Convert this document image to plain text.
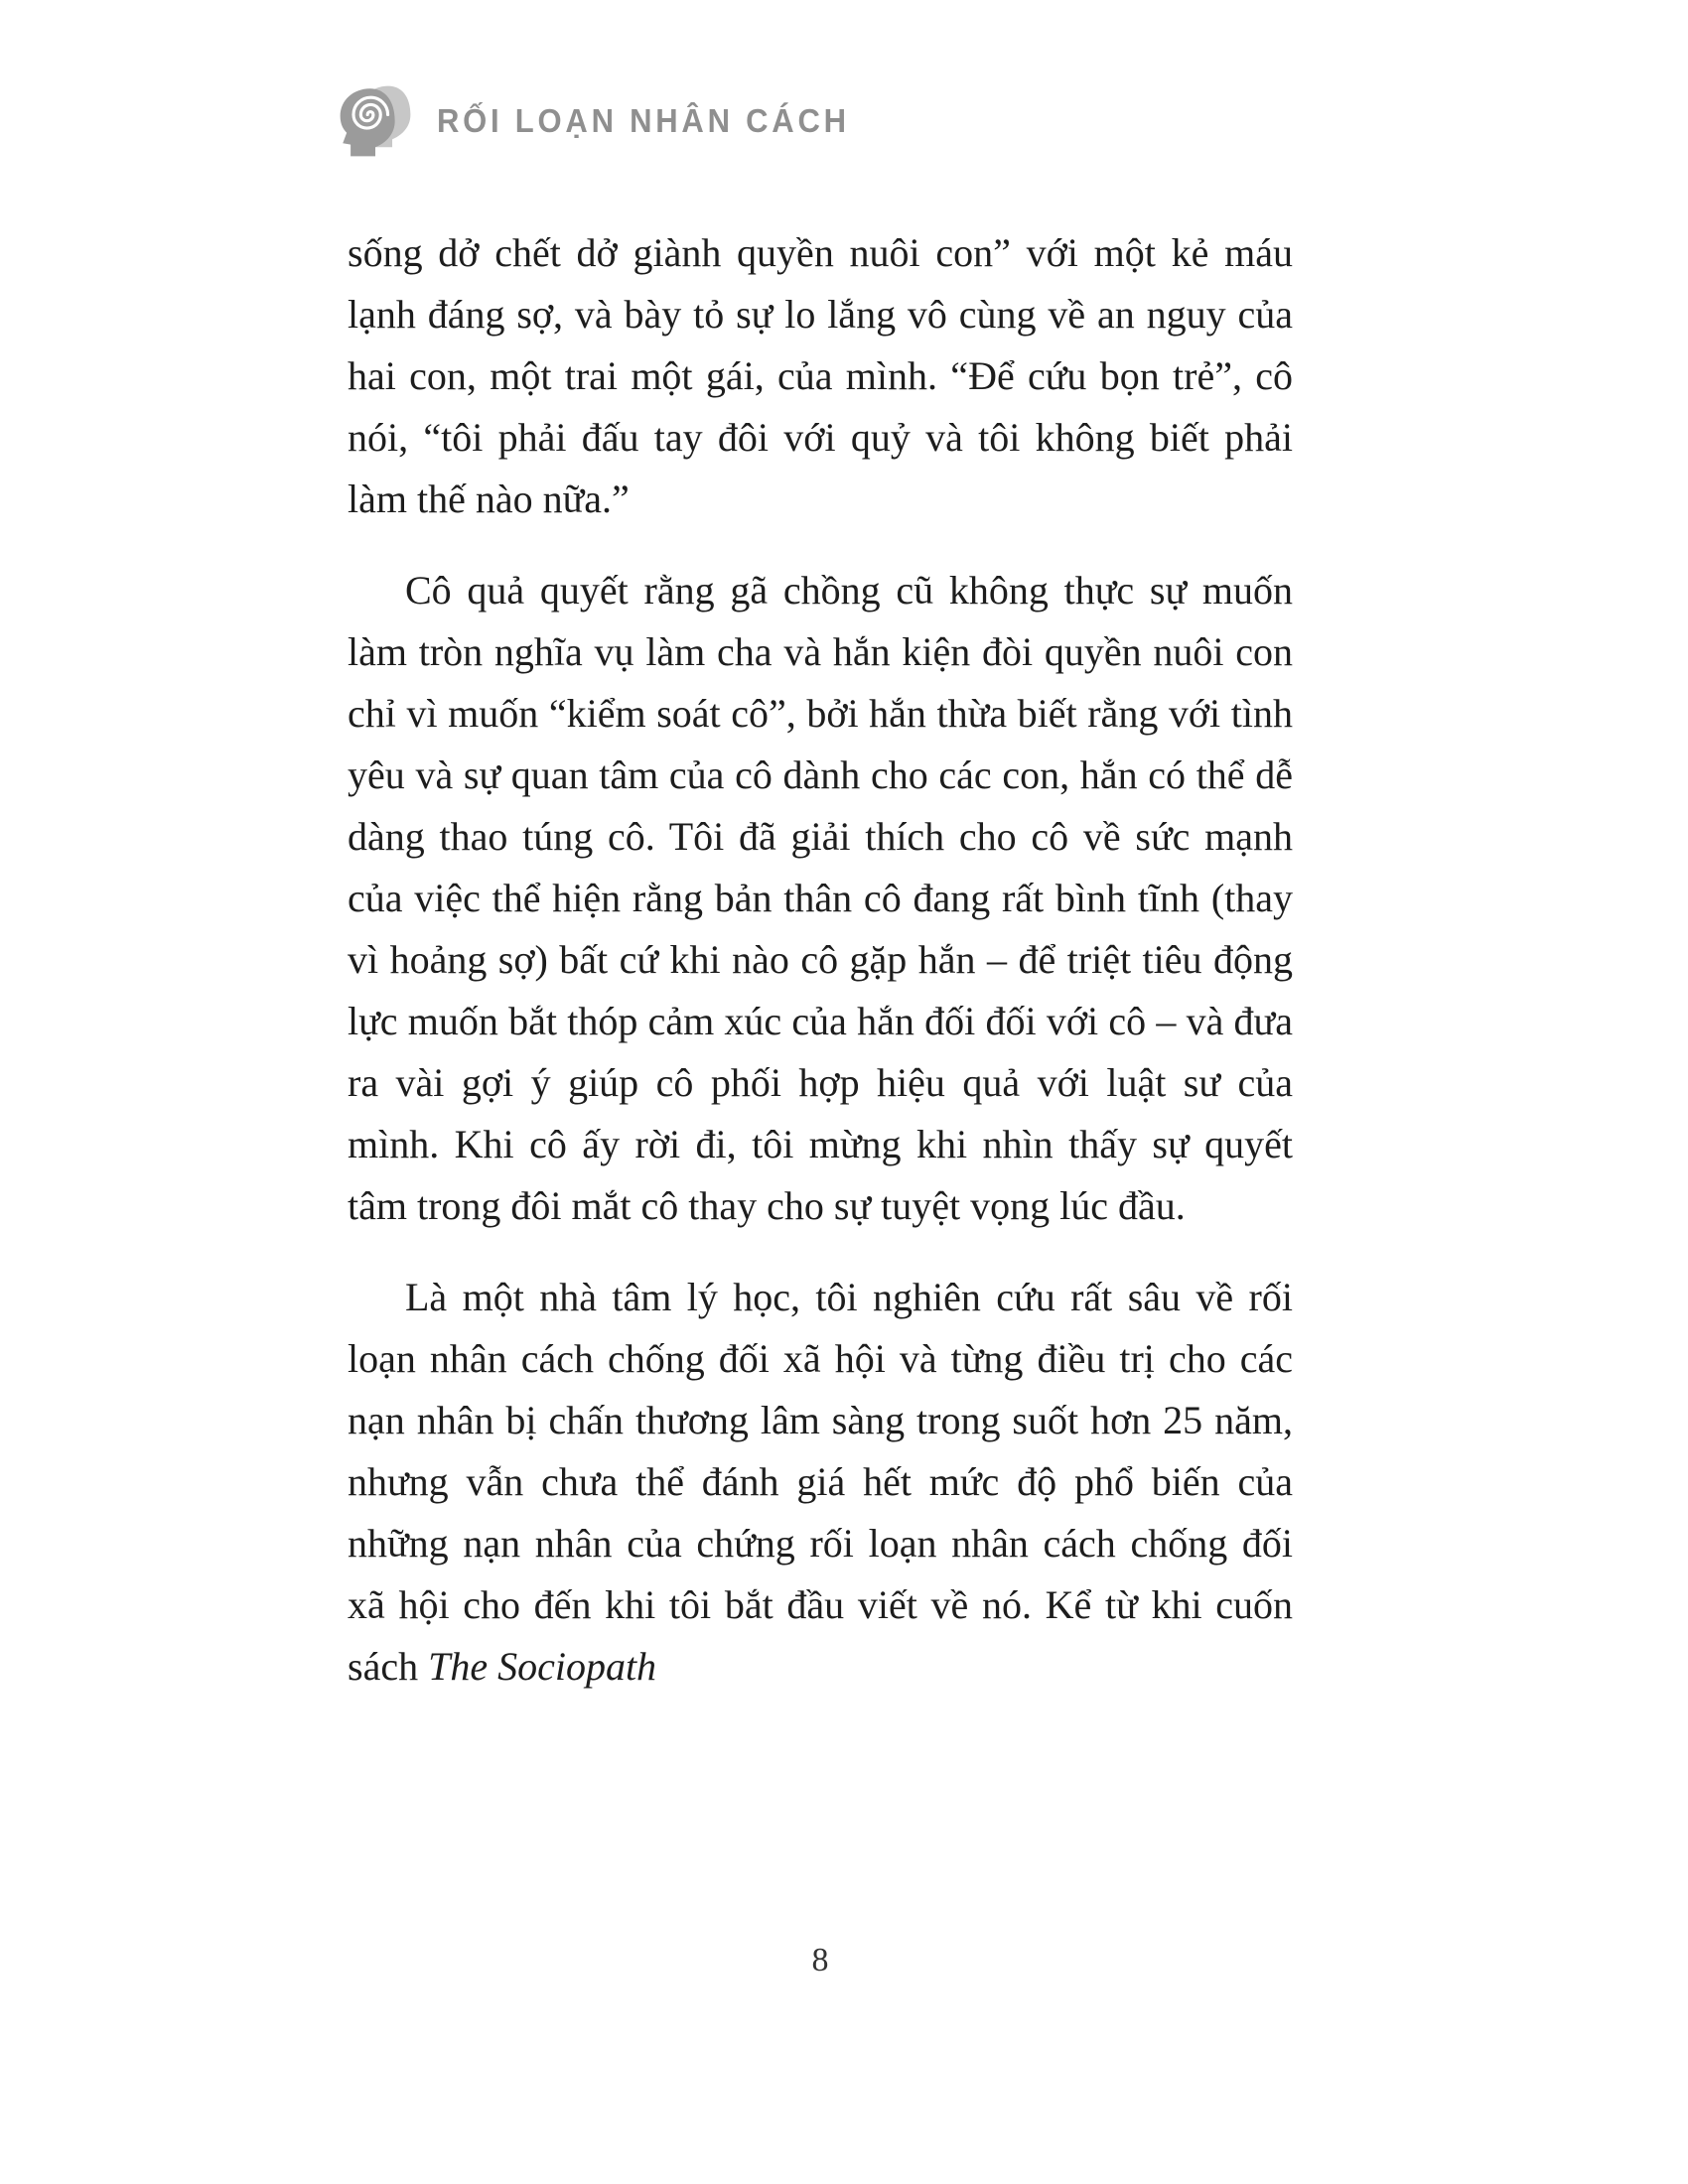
RỐI LOẠN NHÂN CÁCH

sống dở chết dở giành quyền nuôi con” với một kẻ máu lạnh đáng sợ, và bày tỏ sự lo lắng vô cùng về an nguy của hai con, một trai một gái, của mình. “Để cứu bọn trẻ”, cô nói, “tôi phải đấu tay đôi với quỷ và tôi không biết phải làm thế nào nữa.”

Cô quả quyết rằng gã chồng cũ không thực sự muốn làm tròn nghĩa vụ làm cha và hắn kiện đòi quyền nuôi con chỉ vì muốn “kiểm soát cô”, bởi hắn thừa biết rằng với tình yêu và sự quan tâm của cô dành cho các con, hắn có thể dễ dàng thao túng cô. Tôi đã giải thích cho cô về sức mạnh của việc thể hiện rằng bản thân cô đang rất bình tĩnh (thay vì hoảng sợ) bất cứ khi nào cô gặp hắn – để triệt tiêu động lực muốn bắt thóp cảm xúc của hắn đối đối với cô – và đưa ra vài gợi ý giúp cô phối hợp hiệu quả với luật sư của mình. Khi cô ấy rời đi, tôi mừng khi nhìn thấy sự quyết tâm trong đôi mắt cô thay cho sự tuyệt vọng lúc đầu.

Là một nhà tâm lý học, tôi nghiên cứu rất sâu về rối loạn nhân cách chống đối xã hội và từng điều trị cho các nạn nhân bị chấn thương lâm sàng trong suốt hơn 25 năm, nhưng vẫn chưa thể đánh giá hết mức độ phổ biến của những nạn nhân của chứng rối loạn nhân cách chống đối xã hội cho đến khi tôi bắt đầu viết về nó. Kể từ khi cuốn sách The Sociopath

8
